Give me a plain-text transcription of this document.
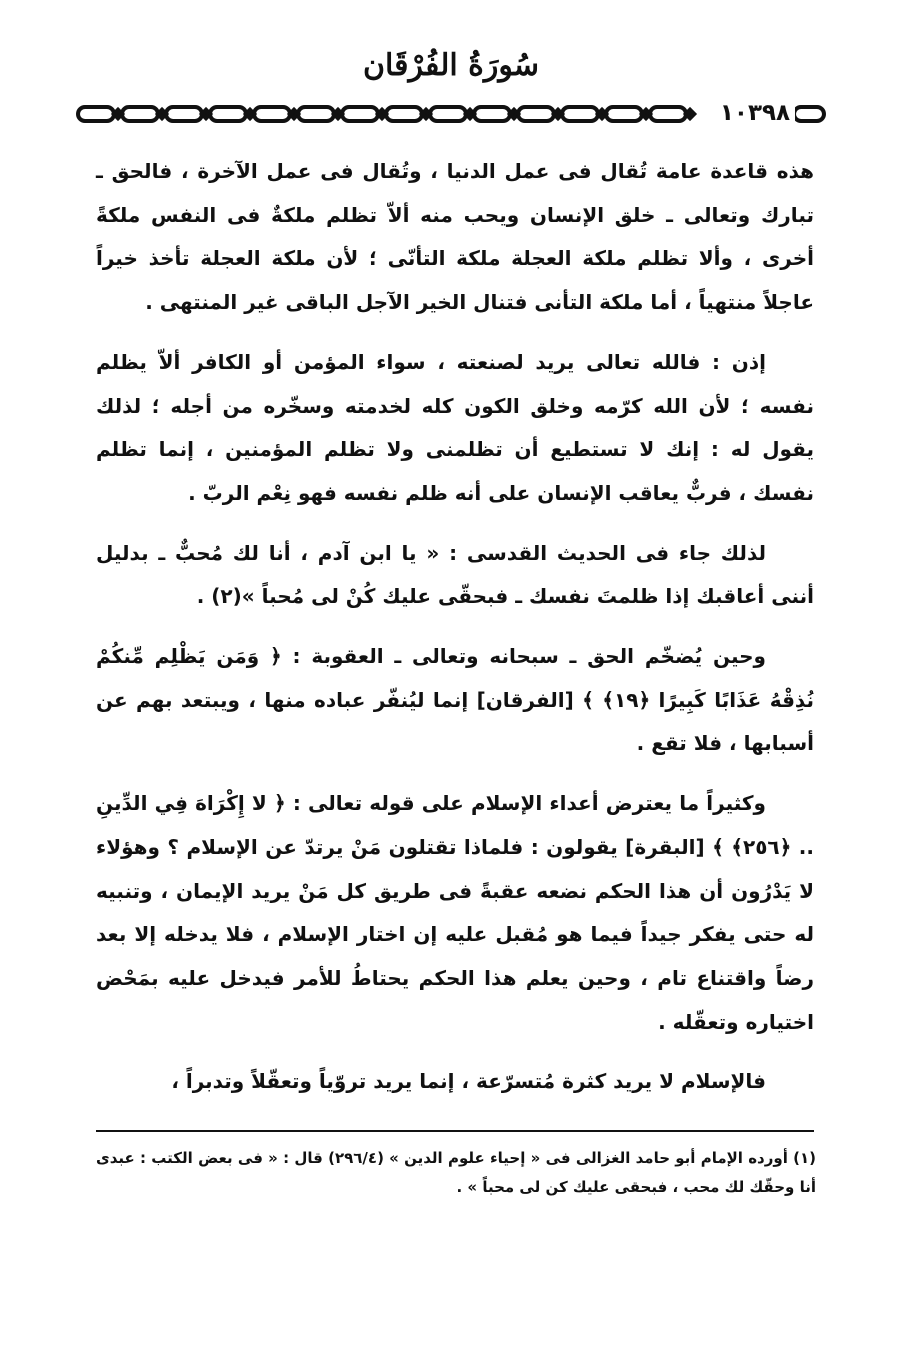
سُورَةُ الفُرْقَان
١٠٣٩٨

هذه قاعدة عامة تُقال فى عمل الدنيا ، وتُقال فى عمل الآخرة ، فالحق ـ تبارك وتعالى ـ خلق الإنسان ويحب منه ألاّ تظلم ملكةٌ فى النفس ملكةً أخرى ، وألا تظلم ملكة العجلة ملكة التأنّى ؛ لأن ملكة العجلة تأخذ خيراً عاجلاً منتهياً ، أما ملكة التأنى فتنال الخير الآجل الباقى غير المنتهى .

إذن : فالله تعالى يريد لصنعته ، سواء المؤمن أو الكافر ألاّ يظلم نفسه ؛ لأن الله كرّمه وخلق الكون كله لخدمته وسخّره من أجله ؛ لذلك يقول له : إنك لا تستطيع أن تظلمنى ولا تظلم المؤمنين ، إنما تظلم نفسك ، فربٌّ يعاقب الإنسان على أنه ظلم نفسه فهو نِعْم الربّ .

لذلك جاء فى الحديث القدسى : « يا ابن آدم ، أنا لك مُحبٌّ ـ بدليل أننى أعاقبك إذا ظلمتَ نفسك ـ فبحقّى عليك كُنْ لى مُحباً »(٢) .

وحين يُضخّم الحق ـ سبحانه وتعالى ـ العقوبة : ﴿ وَمَن يَظْلِم مِّنكُمْ نُذِقْهُ عَذَابًا كَبِيرًا ﴿١٩﴾ ﴾ [الفرقان] إنما ليُنفّر عباده منها ، ويبتعد بهم عن أسبابها ، فلا تقع .

وكثيراً ما يعترض أعداء الإسلام على قوله تعالى : ﴿ لا إِكْرَاهَ فِي الدِّينِ .. ﴿٢٥٦﴾ ﴾ [البقرة] يقولون : فلماذا تقتلون مَنْ يرتدّ عن الإسلام ؟ وهؤلاء لا يَدْرُون أن هذا الحكم نضعه عقبةً فى طريق كل مَنْ يريد الإيمان ، وتنبيه له حتى يفكر جيداً فيما هو مُقبل عليه إن اختار الإسلام ، فلا يدخله إلا بعد رضاً واقتناع تام ، وحين يعلم هذا الحكم يحتاطُ للأمر فيدخل عليه بمَحْض اختياره وتعقّله .

فالإسلام لا يريد كثرة مُتسرّعة ، إنما يريد تروّياً وتعقّلاً وتدبراً ،

(١) أورده الإمام أبو حامد الغزالى فى « إحياء علوم الدين » (٢٩٦/٤) قال : « فى بعض الكتب : عبدى أنا وحقّك لك محب ، فبحقى عليك كن لى محباً » .
